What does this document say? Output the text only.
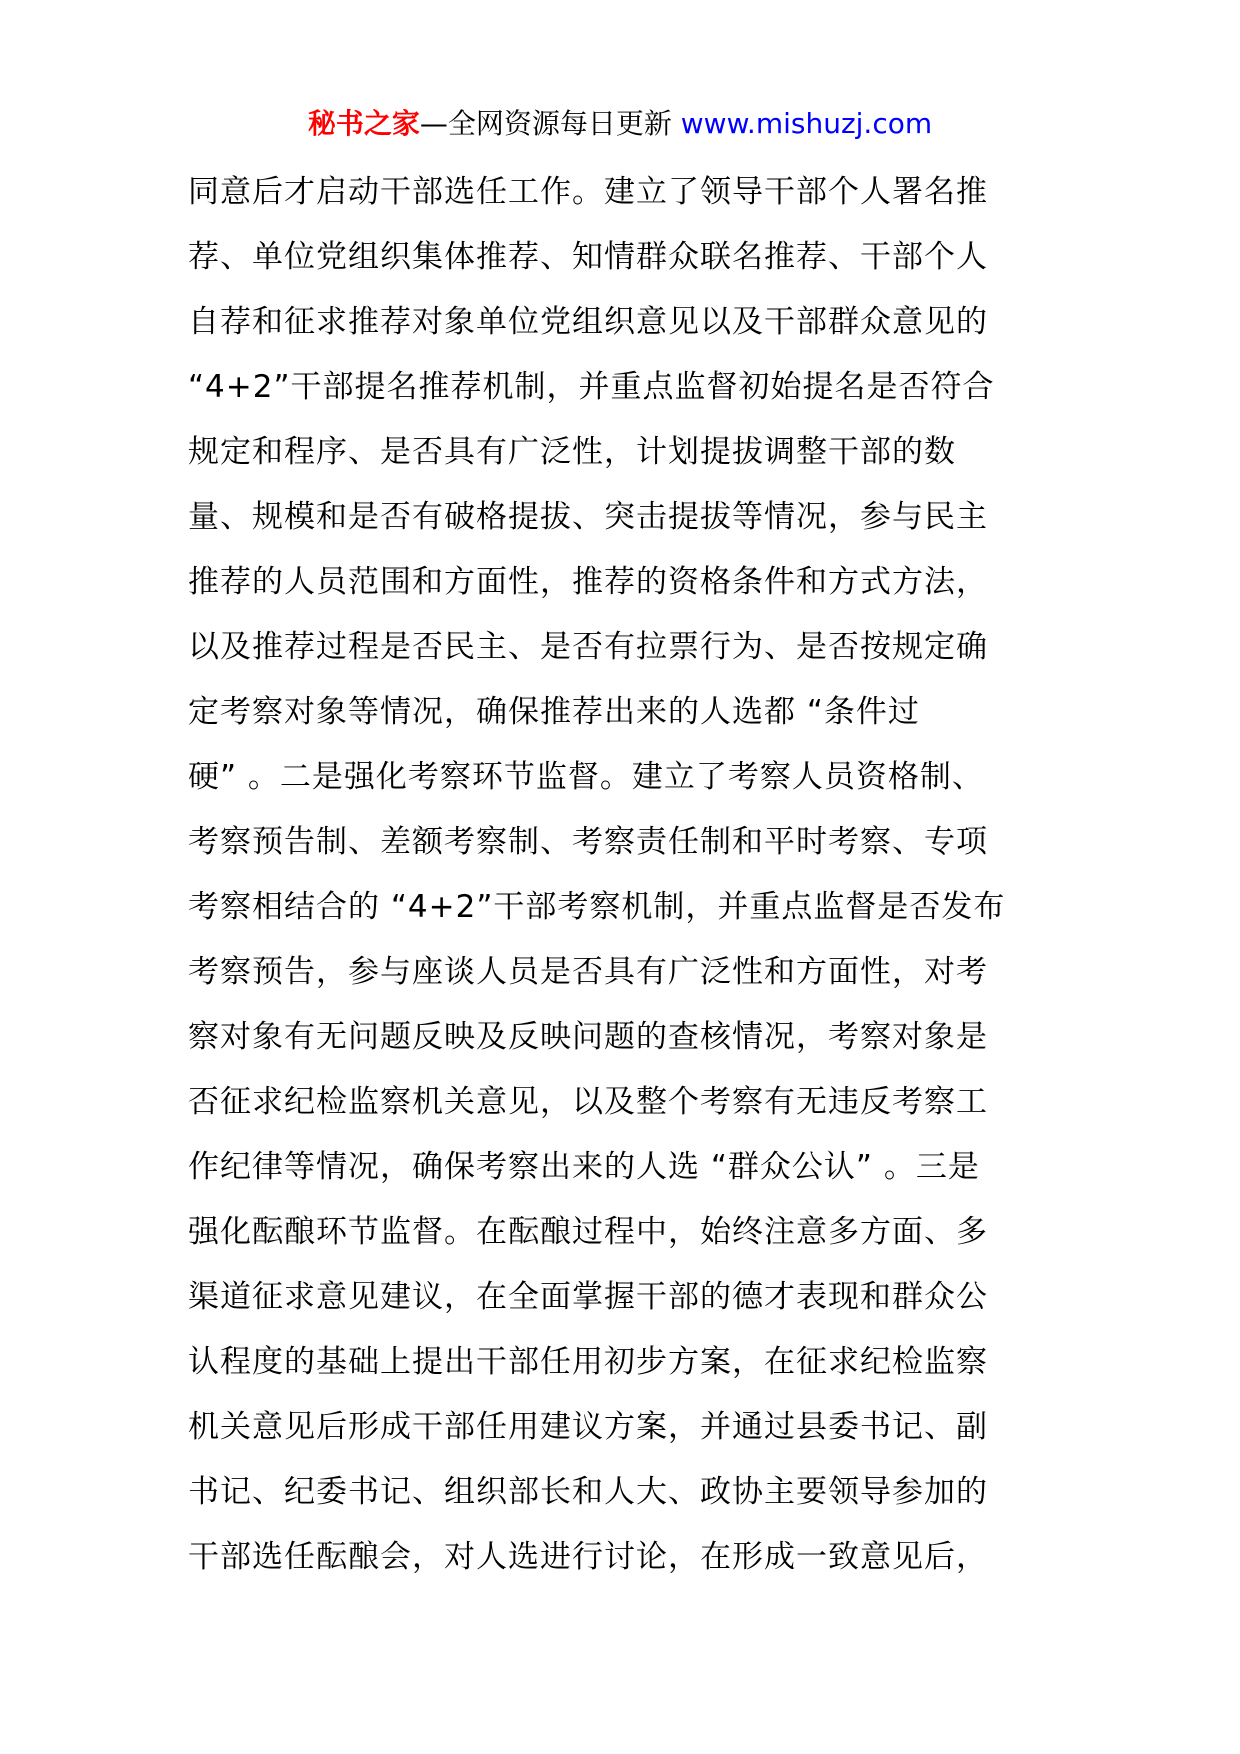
秘书之家—全网资源每日更新 www.mishuzj.com
同意后才启动干部选任工作。建立了领导干部个人署名推
荐、单位党组织集体推荐、知情群众联名推荐、干部个人
自荐和征求推荐对象单位党组织意见以及干部群众意见的
“4+2”干部提名推荐机制，并重点监督初始提名是否符合
规定和程序、是否具有广泛性，计划提拔调整干部的数
量、规模和是否有破格提拔、突击提拔等情况，参与民主
推荐的人员范围和方面性，推荐的资格条件和方式方法，
以及推荐过程是否民主、是否有拉票行为、是否按规定确
定考察对象等情况，确保推荐出来的人选都 “条件过
硬” 。二是强化考察环节监督。建立了考察人员资格制、
考察预告制、差额考察制、考察责任制和平时考察、专项
考察相结合的 “4+2”干部考察机制，并重点监督是否发布
考察预告，参与座谈人员是否具有广泛性和方面性，对考
察对象有无问题反映及反映问题的查核情况，考察对象是
否征求纪检监察机关意见，以及整个考察有无违反考察工
作纪律等情况，确保考察出来的人选 “群众公认” 。三是
强化酝酿环节监督。在酝酿过程中，始终注意多方面、多
渠道征求意见建议，在全面掌握干部的德才表现和群众公
认程度的基础上提出干部任用初步方案，在征求纪检监察
机关意见后形成干部任用建议方案，并通过县委书记、副
书记、纪委书记、组织部长和人大、政协主要领导参加的
干部选任酝酿会，对人选进行讨论，在形成一致意见后，
